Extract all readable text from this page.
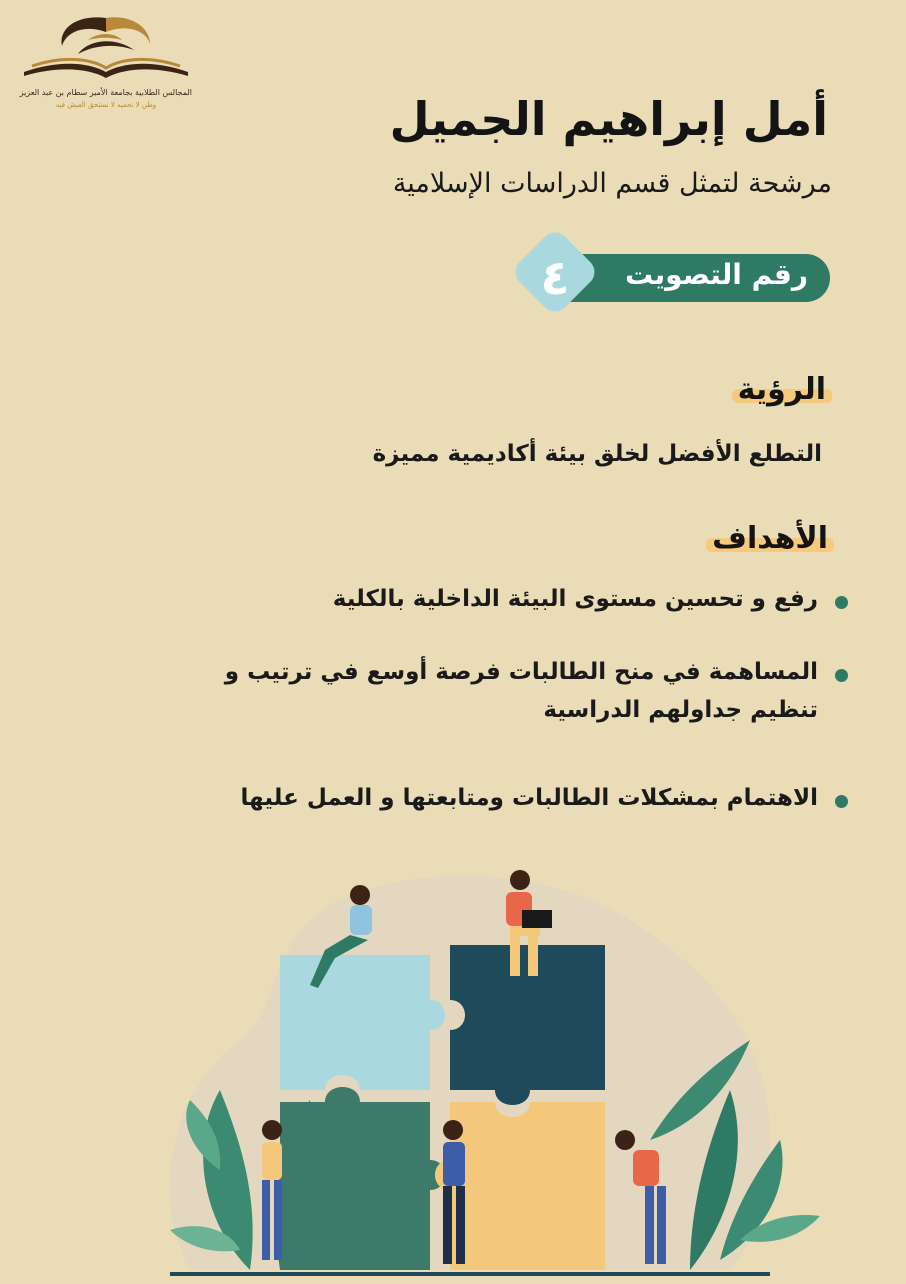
المجالس الطلابية بجامعة الأمير سطام بن عبد العزيز
وطن لا نحميه لا نستحق العيش فيه	أمل إبراهيم الجميل
مرشحة لتمثل قسم الدراسات الإسلامية
رقم التصويت
٤
الرؤية
التطلع الأفضل لخلق بيئة أكاديمية مميزة
الأهداف
رفع و تحسين مستوى البيئة الداخلية بالكلية
المساهمة في منح الطالبات فرصة أوسع في ترتيب و تنظيم جداولهم الدراسية
الاهتمام بمشكلات الطالبات ومتابعتها و العمل عليها
